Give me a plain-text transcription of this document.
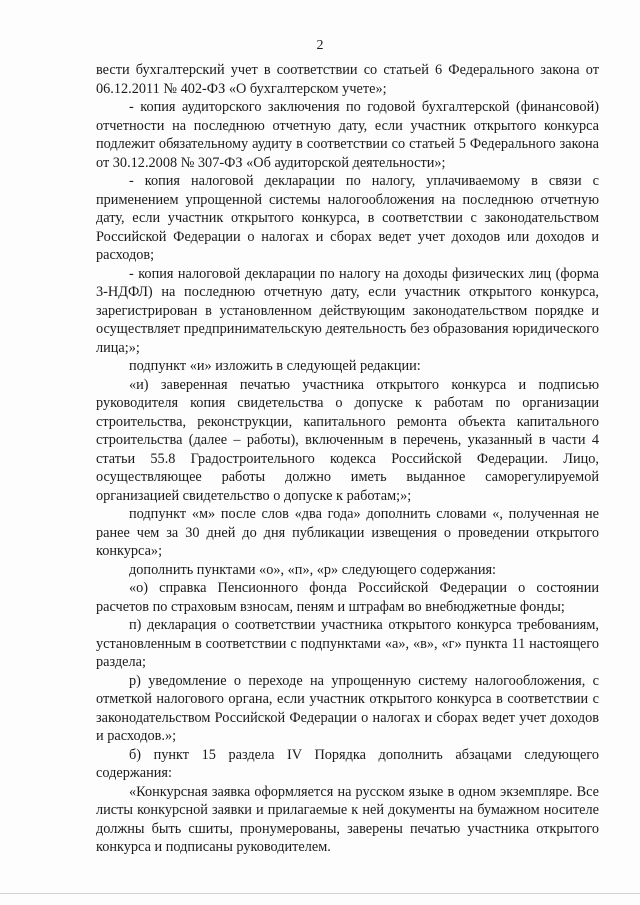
2

вести бухгалтерский учет в соответствии со статьей 6 Федерального закона от 06.12.2011 № 402-ФЗ «О бухгалтерском учете»;

- копия аудиторского заключения по годовой бухгалтерской (финансовой) отчетности на последнюю отчетную дату, если участник открытого конкурса подлежит обязательному аудиту в соответствии со статьей 5 Федерального закона от 30.12.2008 № 307-ФЗ «Об аудиторской деятельности»;

- копия налоговой декларации по налогу, уплачиваемому в связи с применением упрощенной системы налогообложения на последнюю отчетную дату, если участник открытого конкурса, в соответствии с законодательством Российской Федерации о налогах и сборах ведет учет доходов или доходов и расходов;

- копия налоговой декларации по налогу на доходы физических лиц (форма 3-НДФЛ) на последнюю отчетную дату, если участник открытого конкурса, зарегистрирован в установленном действующим законодательством порядке и осуществляет предпринимательскую деятельность без образования юридического лица;»;

подпункт «и» изложить в следующей редакции:

«и) заверенная печатью участника открытого конкурса и подписью руководителя копия свидетельства о допуске к работам по организации строительства, реконструкции, капитального ремонта объекта капитального строительства (далее – работы), включенным в перечень, указанный в части 4 статьи 55.8 Градостроительного кодекса Российской Федерации. Лицо, осуществляющее работы должно иметь выданное саморегулируемой организацией свидетельство о допуске к работам;»;

подпункт «м» после слов «два года» дополнить словами «, полученная не ранее чем за 30 дней до дня публикации извещения о проведении открытого конкурса»;

дополнить пунктами «о», «п», «р» следующего содержания:

«о) справка Пенсионного фонда Российской Федерации о состоянии расчетов по страховым взносам, пеням и штрафам во внебюджетные фонды;

п) декларация о соответствии участника открытого конкурса требованиям, установленным в соответствии с подпунктами «а», «в», «г» пункта 11 настоящего раздела;

р) уведомление о переходе на упрощенную систему налогообложения, с отметкой налогового органа, если участник открытого конкурса в соответствии с законодательством Российской Федерации о налогах и сборах ведет учет доходов и расходов.»;

б) пункт 15 раздела IV Порядка дополнить абзацами следующего содержания:

«Конкурсная заявка оформляется на русском языке в одном экземпляре. Все листы конкурсной заявки и прилагаемые к ней документы на бумажном носителе должны быть сшиты, пронумерованы, заверены печатью участника открытого конкурса и подписаны руководителем.
